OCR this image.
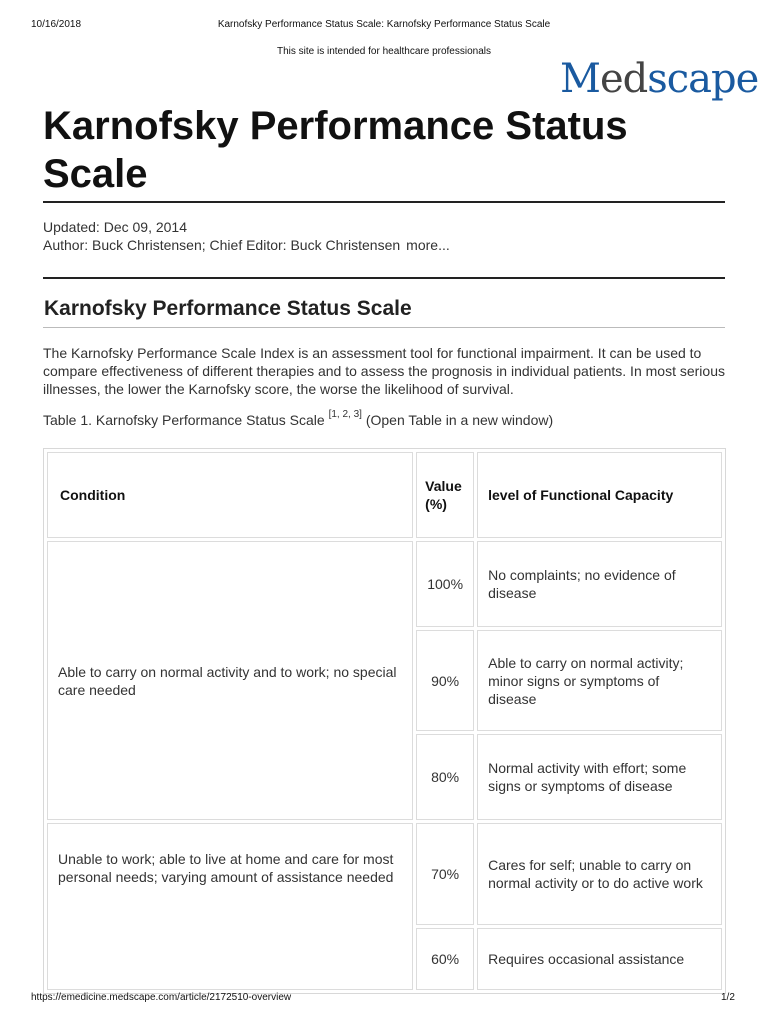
10/16/2018	Karnofsky Performance Status Scale: Karnofsky Performance Status Scale
This site is intended for healthcare professionals
Medscape
Karnofsky Performance Status Scale
Updated: Dec 09, 2014
Author: Buck Christensen; Chief Editor: Buck Christensen more...
Karnofsky Performance Status Scale
The Karnofsky Performance Scale Index is an assessment tool for functional impairment. It can be used to compare effectiveness of different therapies and to assess the prognosis in individual patients. In most serious illnesses, the lower the Karnofsky score, the worse the likelihood of survival.
Table 1. Karnofsky Performance Status Scale [1, 2, 3] (Open Table in a new window)
Condition	Value (%)	level of Functional Capacity
Able to carry on normal activity and to work; no special care needed	100%	No complaints; no evidence of disease
	90%	Able to carry on normal activity; minor signs or symptoms of disease
	80%	Normal activity with effort; some signs or symptoms of disease
Unable to work; able to live at home and care for most personal needs; varying amount of assistance needed	70%	Cares for self; unable to carry on normal activity or to do active work
	60%	Requires occasional assistance
https://emedicine.medscape.com/article/2172510-overview	1/2
